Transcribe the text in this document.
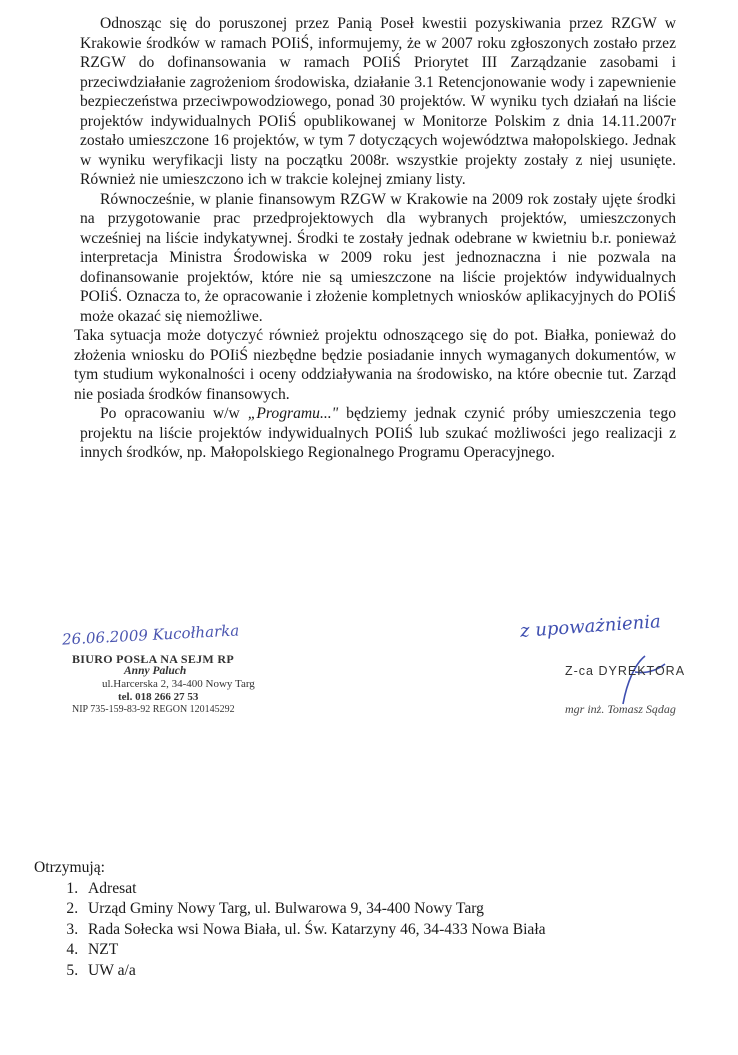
Odnosząc się do poruszonej przez Panią Poseł kwestii pozyskiwania przez RZGW w Krakowie środków w ramach POIiŚ, informujemy, że w 2007 roku zgłoszonych zostało przez RZGW do dofinansowania w ramach POIiŚ Priorytet III Zarządzanie zasobami i przeciwdziałanie zagrożeniom środowiska, działanie 3.1 Retencjonowanie wody i zapewnienie bezpieczeństwa przeciwpowodziowego, ponad 30 projektów. W wyniku tych działań na liście projektów indywidualnych POIiŚ opublikowanej w Monitorze Polskim z dnia 14.11.2007r zostało umieszczone 16 projektów, w tym 7 dotyczących województwa małopolskiego. Jednak w wyniku weryfikacji listy na początku 2008r. wszystkie projekty zostały z niej usunięte. Również nie umieszczono ich w trakcie kolejnej zmiany listy.

Równocześnie, w planie finansowym RZGW w Krakowie na 2009 rok zostały ujęte środki na przygotowanie prac przedprojektowych dla wybranych projektów, umieszczonych wcześniej na liście indykatywnej. Środki te zostały jednak odebrane w kwietniu b.r. ponieważ interpretacja Ministra Środowiska w 2009 roku jest jednoznaczna i nie pozwala na dofinansowanie projektów, które nie są umieszczone na liście projektów indywidualnych POIiŚ. Oznacza to, że opracowanie i złożenie kompletnych wniosków aplikacyjnych do POIiŚ może okazać się niemożliwe.

Taka sytuacja może dotyczyć również projektu odnoszącego się do pot. Białka, ponieważ do złożenia wniosku do POIiŚ niezbędne będzie posiadanie innych wymaganych dokumentów, w tym studium wykonalności i oceny oddziaływania na środowisko, na które obecnie tut. Zarząd nie posiada środków finansowych.

Po opracowaniu w/w „Programu..." będziemy jednak czynić próby umieszczenia tego projektu na liście projektów indywidualnych POIiŚ lub szukać możliwości jego realizacji z innych środków, np. Małopolskiego Regionalnego Programu Operacyjnego.

26.06.2009 Kucołharka
BIURO POSŁA NA SEJM RP
Anny Paluch
ul.Harcerska 2, 34-400 Nowy Targ
tel. 018 266 27 53
NIP 735-159-83-92 REGON 120145292
z upoważnienia
Z-ca DYREKTORA
mgr inż. Tomasz Sądag
Otrzymują:
1. Adresat
2. Urząd Gminy Nowy Targ, ul. Bulwarowa 9, 34-400 Nowy Targ
3. Rada Sołecka wsi Nowa Biała, ul. Św. Katarzyny 46, 34-433 Nowa Biała
4. NZT
5. UW a/a
